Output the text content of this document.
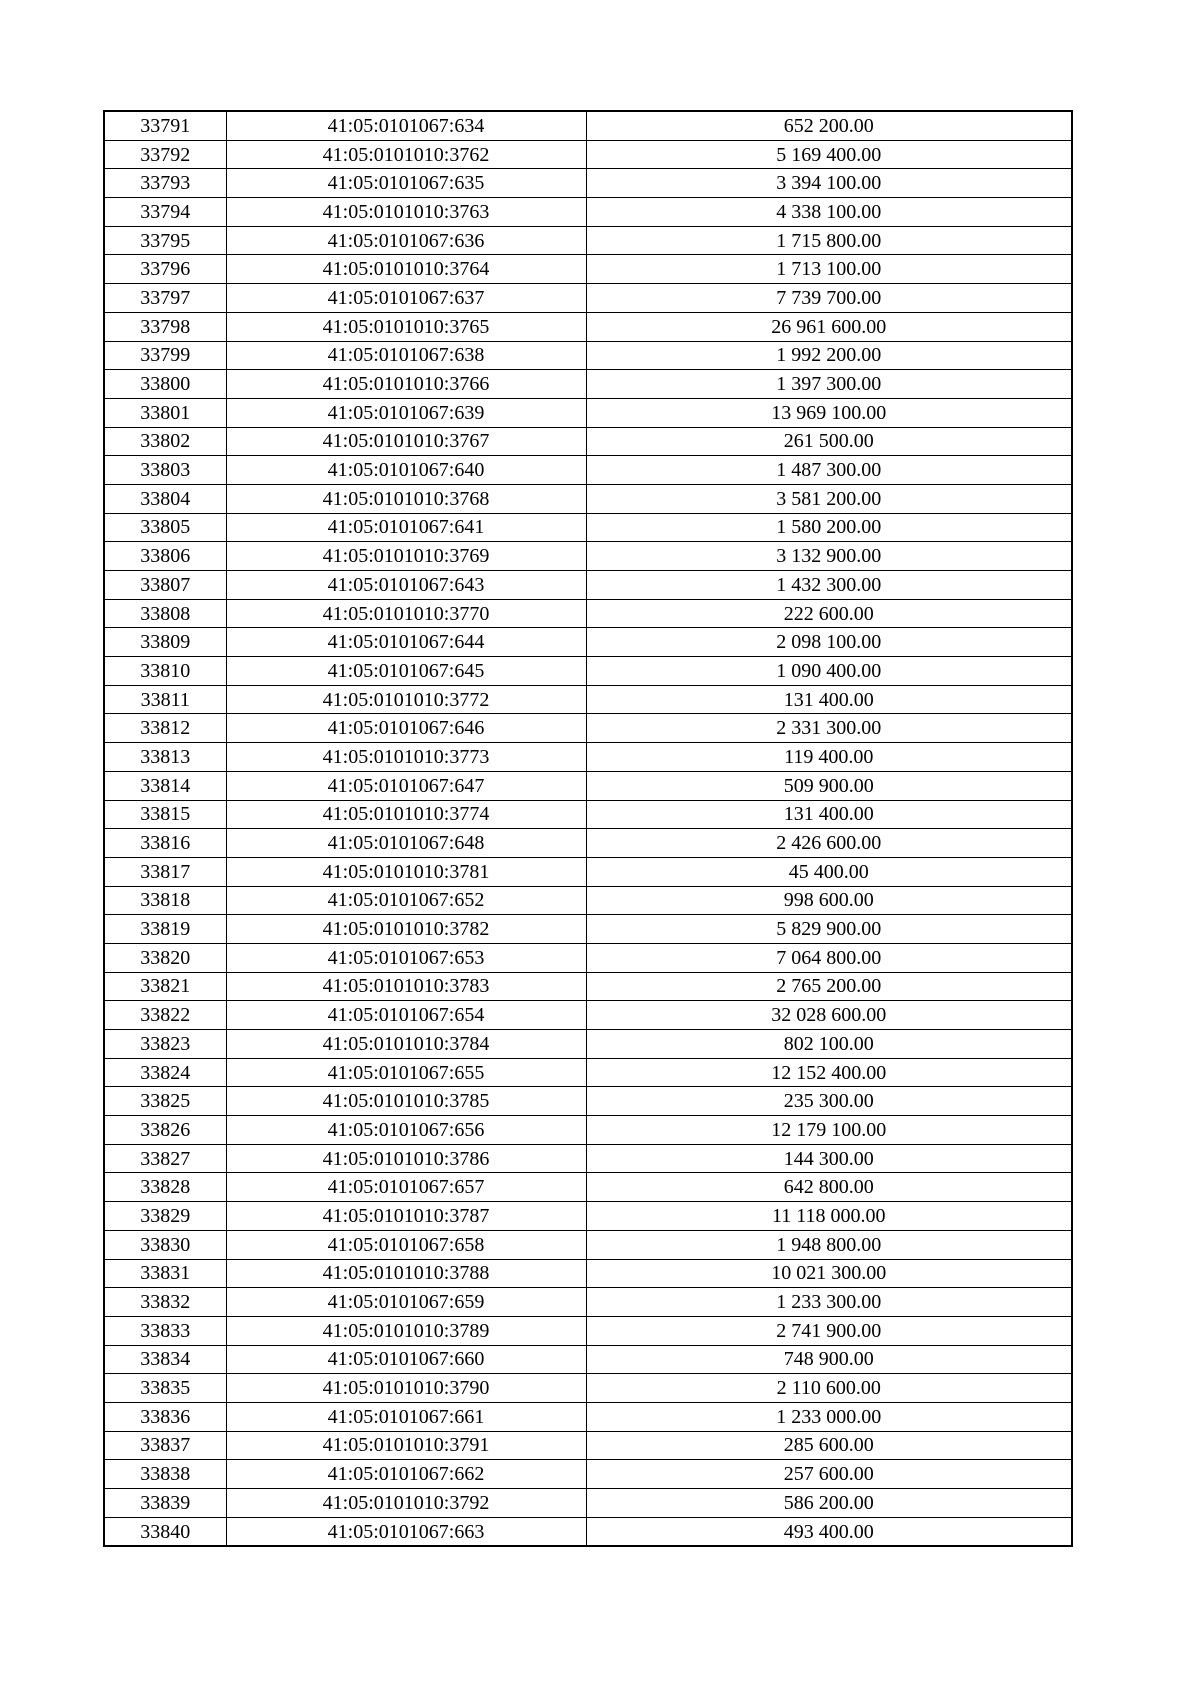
33791	41:05:0101067:634	652 200.00
33792	41:05:0101010:3762	5 169 400.00
33793	41:05:0101067:635	3 394 100.00
33794	41:05:0101010:3763	4 338 100.00
33795	41:05:0101067:636	1 715 800.00
33796	41:05:0101010:3764	1 713 100.00
33797	41:05:0101067:637	7 739 700.00
33798	41:05:0101010:3765	26 961 600.00
33799	41:05:0101067:638	1 992 200.00
33800	41:05:0101010:3766	1 397 300.00
33801	41:05:0101067:639	13 969 100.00
33802	41:05:0101010:3767	261 500.00
33803	41:05:0101067:640	1 487 300.00
33804	41:05:0101010:3768	3 581 200.00
33805	41:05:0101067:641	1 580 200.00
33806	41:05:0101010:3769	3 132 900.00
33807	41:05:0101067:643	1 432 300.00
33808	41:05:0101010:3770	222 600.00
33809	41:05:0101067:644	2 098 100.00
33810	41:05:0101067:645	1 090 400.00
33811	41:05:0101010:3772	131 400.00
33812	41:05:0101067:646	2 331 300.00
33813	41:05:0101010:3773	119 400.00
33814	41:05:0101067:647	509 900.00
33815	41:05:0101010:3774	131 400.00
33816	41:05:0101067:648	2 426 600.00
33817	41:05:0101010:3781	45 400.00
33818	41:05:0101067:652	998 600.00
33819	41:05:0101010:3782	5 829 900.00
33820	41:05:0101067:653	7 064 800.00
33821	41:05:0101010:3783	2 765 200.00
33822	41:05:0101067:654	32 028 600.00
33823	41:05:0101010:3784	802 100.00
33824	41:05:0101067:655	12 152 400.00
33825	41:05:0101010:3785	235 300.00
33826	41:05:0101067:656	12 179 100.00
33827	41:05:0101010:3786	144 300.00
33828	41:05:0101067:657	642 800.00
33829	41:05:0101010:3787	11 118 000.00
33830	41:05:0101067:658	1 948 800.00
33831	41:05:0101010:3788	10 021 300.00
33832	41:05:0101067:659	1 233 300.00
33833	41:05:0101010:3789	2 741 900.00
33834	41:05:0101067:660	748 900.00
33835	41:05:0101010:3790	2 110 600.00
33836	41:05:0101067:661	1 233 000.00
33837	41:05:0101010:3791	285 600.00
33838	41:05:0101067:662	257 600.00
33839	41:05:0101010:3792	586 200.00
33840	41:05:0101067:663	493 400.00
